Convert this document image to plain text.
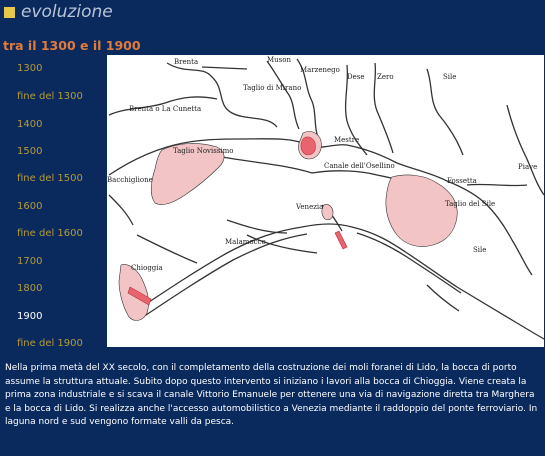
evoluzione
tra il 1300 e il 1900
1300
fine del 1300
1400
1500
fine del 1500
1600
fine del 1600
1700
1800
1900
fine del 1900
Brenta	Muson
Marzenego
Dese Zero	Sile
Taglio di Mirano
Brenta o La Cunetta
Taglio Novissimo
Mestre
Canale dell'Osellino	Piave
Bacchiglione
Venezia
Fossetta
Taglio del Sile
Malamocco
Sile
Chioggia
Nella prima metà del XX secolo, con il completamento della costruzione dei moli foranei di Lido, la bocca di porto assume la struttura attuale. Subito dopo questo intervento si iniziano i lavori alla bocca di Chioggia. Viene creata la prima zona industriale e si scava il canale Vittorio Emanuele per ottenere una via di navigazione diretta tra Marghera e la bocca di Lido. Si realizza anche l'accesso automobilistico a Venezia mediante il raddoppio del ponte ferroviario. In laguna nord e sud vengono formate valli da pesca.
